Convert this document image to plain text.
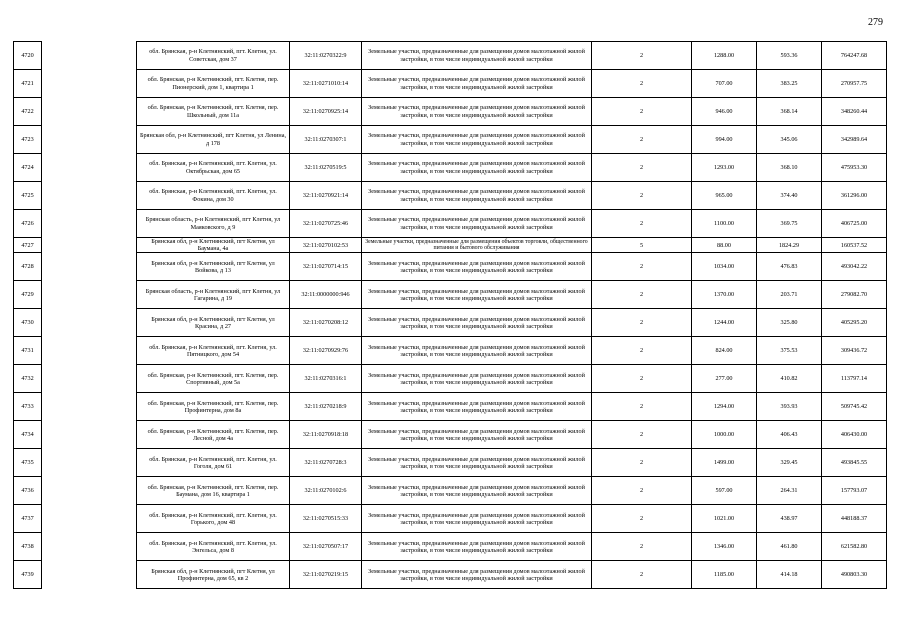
279
4720		обл. Брянская, р-н Клетнянский, пгт. Клетня, ул. Советская, дом 37	32:11:0270322:9	Земельные участки, предназначенные для размещения домов малоэтажной жилой застройки, в том числе индивидуальной жилой застройки	2	1288.00	593.36	764247.68
4721		обл. Брянская, р-н Клетнянский, пгт. Клетня, пер. Пионерский, дом 1, квартира 1	32:11:0271010:14	Земельные участки, предназначенные для размещения домов малоэтажной жилой застройки, в том числе индивидуальной жилой застройки	2	707.00	383.25	270957.75
4722		обл. Брянская, р-н Клетнянский, пгт. Клетня, пер. Школьный, дом 11а	32:11:0270925:14	Земельные участки, предназначенные для размещения домов малоэтажной жилой застройки, в том числе индивидуальной жилой застройки	2	946.00	368.14	348260.44
4723		Брянская обл, р-н Клетнянский, пгт Клетня, ул Ленина, д 178	32:11:0270307:1	Земельные участки, предназначенные для размещения домов малоэтажной жилой застройки, в том числе индивидуальной жилой застройки	2	994.00	345.06	342989.64
4724		обл. Брянская, р-н Клетнянский, пгт. Клетня, ул. Октябрьская, дом 65	32:11:0270519:5	Земельные участки, предназначенные для размещения домов малоэтажной жилой застройки, в том числе индивидуальной жилой застройки	2	1293.00	368.10	475953.30
4725		обл. Брянская, р-н Клетнянский, пгт. Клетня, ул. Фокина, дом 30	32:11:0270921:14	Земельные участки, предназначенные для размещения домов малоэтажной жилой застройки, в том числе индивидуальной жилой застройки	2	965.00	374.40	361296.00
4726		Брянская область, р-н Клетнянский, пгт Клетня, ул Маяковского, д 9	32:11:0270725:46	Земельные участки, предназначенные для размещения домов малоэтажной жилой застройки, в том числе индивидуальной жилой застройки	2	1100.00	369.75	406725.00
4727		Брянская обл, р-н Клетнянский, пгт Клетня, ул Баумана, 4а	32:11:0270102:53	Земельные участки, предназначенные для размещения объектов торговли, общественного питания и бытового обслуживания	5	88.00	1824.29	160537.52
4728		Брянская обл, р-н Клетнянский, пгт Клетня, ул Войкова, д 13	32:11:0270714:15	Земельные участки, предназначенные для размещения домов малоэтажной жилой застройки, в том числе индивидуальной жилой застройки	2	1034.00	476.83	493042.22
4729		Брянская область, р-н Клетнянский, пгт Клетня, ул Гагарина, д 19	32:11:0000000:946	Земельные участки, предназначенные для размещения домов малоэтажной жилой застройки, в том числе индивидуальной жилой застройки	2	1370.00	203.71	279082.70
4730		Брянская обл, р-н Клетнянский, пгт Клетня, ул Красина, д 27	32:11:0270208:12	Земельные участки, предназначенные для размещения домов малоэтажной жилой застройки, в том числе индивидуальной жилой застройки	2	1244.00	325.80	405295.20
4731		обл. Брянская, р-н Клетнянский, пгт. Клетня, ул. Пятницкого, дом 54	32:11:0270929:76	Земельные участки, предназначенные для размещения домов малоэтажной жилой застройки, в том числе индивидуальной жилой застройки	2	824.00	375.53	309436.72
4732		обл. Брянская, р-н Клетнянский, пгт. Клетня, пер. Спортивный, дом 5а	32:11:0270316:1	Земельные участки, предназначенные для размещения домов малоэтажной жилой застройки, в том числе индивидуальной жилой застройки	2	277.00	410.82	113797.14
4733		обл. Брянская, р-н Клетнянский, пгт. Клетня, пер. Профинтерна, дом 8а	32:11:0270218:9	Земельные участки, предназначенные для размещения домов малоэтажной жилой застройки, в том числе индивидуальной жилой застройки	2	1294.00	393.93	509745.42
4734		обл. Брянская, р-н Клетнянский, пгт. Клетня, пер. Лесной, дом 4а	32:11:0270918:18	Земельные участки, предназначенные для размещения домов малоэтажной жилой застройки, в том числе индивидуальной жилой застройки	2	1000.00	406.43	406430.00
4735		обл. Брянская, р-н Клетнянский, пгт. Клетня, ул. Гоголя, дом 61	32:11:0270728:3	Земельные участки, предназначенные для размещения домов малоэтажной жилой застройки, в том числе индивидуальной жилой застройки	2	1499.00	329.45	493845.55
4736		обл. Брянская, р-н Клетнянский, пгт. Клетня, пер. Баумана, дом 16, квартира 1	32:11:0270102:6	Земельные участки, предназначенные для размещения домов малоэтажной жилой застройки, в том числе индивидуальной жилой застройки	2	597.00	264.31	157793.07
4737		обл. Брянская, р-н Клетнянский, пгт. Клетня, ул. Горького, дом 48	32:11:0270515:33	Земельные участки, предназначенные для размещения домов малоэтажной жилой застройки, в том числе индивидуальной жилой застройки	2	1021.00	438.97	448188.37
4738		обл. Брянская, р-н Клетнянский, пгт. Клетня, ул. Энгельса, дом 8	32:11:0270507:17	Земельные участки, предназначенные для размещения домов малоэтажной жилой застройки, в том числе индивидуальной жилой застройки	2	1346.00	461.80	621582.80
4739		Брянская обл, р-н Клетнянский, пгт Клетня, ул Профинтерна, дом 65, кв 2	32:11:0270219:15	Земельные участки, предназначенные для размещения домов малоэтажной жилой застройки, в том числе индивидуальной жилой застройки	2	1185.00	414.18	490803.30
